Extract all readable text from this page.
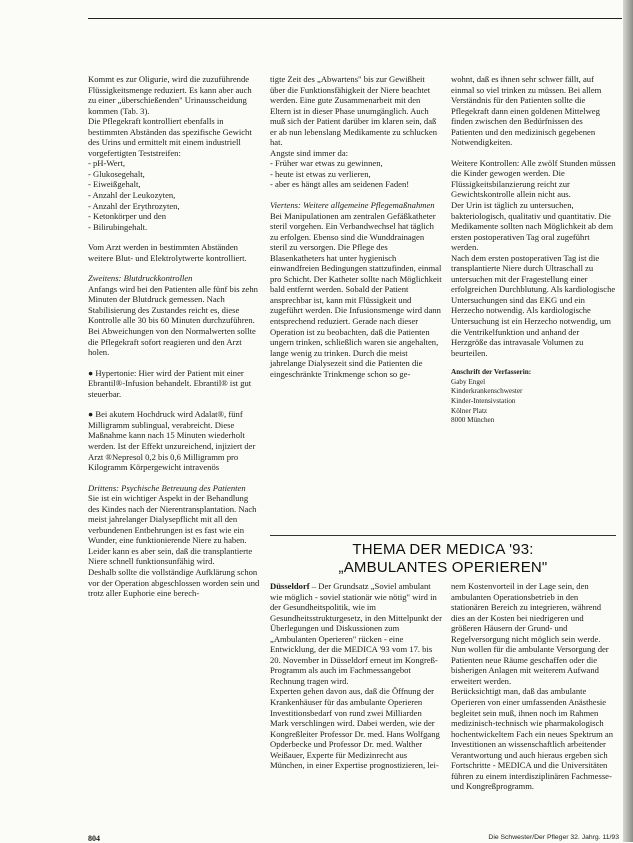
Kommt es zur Oligurie, wird die zuzuführende Flüssigkeitsmenge reduziert. Es kann aber auch zu einer „überschießenden" Urinausscheidung kommen (Tab. 3).

Die Pflegekraft kontrolliert ebenfalls in bestimmten Abständen das spezifische Gewicht des Urins und ermittelt mit einem industriell vorgefertigten Teststreifen:

- pH-Wert,

- Glukosegehalt,

- Eiweißgehalt,

- Anzahl der Leukozyten,

- Anzahl der Erythrozyten,

- Ketonkörper und den

- Bilirubingehalt.

Vom Arzt werden in bestimmten Abständen weitere Blut- und Elektrolytwerte kontrolliert.

Zweitens: Blutdruckkontrollen

Anfangs wird bei den Patienten alle fünf bis zehn Minuten der Blutdruck gemessen. Nach Stabilisierung des Zustandes reicht es, diese Kontrolle alle 30 bis 60 Minuten durchzuführen. Bei Abweichungen von den Normalwerten sollte die Pflegekraft sofort reagieren und den Arzt holen.

● Hypertonie: Hier wird der Patient mit einer Ebrantil®-Infusion behandelt. Ebrantil® ist gut steuerbar.

● Bei akutem Hochdruck wird Adalat®, fünf Milligramm sublingual, verabreicht. Diese Maßnahme kann nach 15 Minuten wiederholt werden. Ist der Effekt unzureichend, injiziert der Arzt ®Nepresol 0,2 bis 0,6 Milligramm pro Kilogramm Körpergewicht intravenös

Drittens: Psychische Betreuung des Patienten

Sie ist ein wichtiger Aspekt in der Behandlung des Kindes nach der Nierentransplantation. Nach meist jahrelanger Dialysepflicht mit all den verbundenen Entbehrungen ist es fast wie ein Wunder, eine funktionierende Niere zu haben. Leider kann es aber sein, daß die transplantierte Niere schnell funktionsunfähig wird.

Deshalb sollte die vollständige Aufklärung schon vor der Operation abgeschlossen worden sein und trotz aller Euphorie eine berech-

tigte Zeit des „Abwartens" bis zur Gewißheit über die Funktionsfähigkeit der Niere beachtet werden. Eine gute Zusammenarbeit mit den Eltern ist in dieser Phase unumgänglich. Auch muß sich der Patient darüber im klaren sein, daß er ab nun lebenslang Medikamente zu schlucken hat.

Angste sind immer da:

- Früher war etwas zu gewinnen,

- heute ist etwas zu verlieren,

- aber es hängt alles am seidenen Faden!

Viertens: Weitere allgemeine Pflegemaßnahmen

Bei Manipulationen am zentralen Gefäßkatheter steril vorgehen. Ein Verbandwechsel hat täglich zu erfolgen. Ebenso sind die Wunddrainagen steril zu versorgen. Die Pflege des Blasenkatheters hat unter hygienisch einwandfreien Bedingungen stattzufinden, einmal pro Schicht. Der Katheter sollte nach Möglichkeit bald entfernt werden. Sobald der Patient ansprechbar ist, kann mit Flüssigkeit und zugeführt werden. Die Infusionsmenge wird dann entsprechend reduziert. Gerade nach dieser Operation ist zu beobachten, daß die Patienten ungern trinken, schließlich waren sie angehalten, lange wenig zu trinken. Durch die meist jahrelange Dialysezeit sind die Patienten die eingeschränkte Trinkmenge schon so ge-

wohnt, daß es ihnen sehr schwer fällt, auf einmal so viel trinken zu müssen. Bei allem Verständnis für den Patienten sollte die Pflegekraft dann einen goldenen Mittelweg finden zwischen den Bedürfnissen des Patienten und den medizinisch gegebenen Notwendigkeiten.

Weitere Kontrollen: Alle zwölf Stunden müssen die Kinder gewogen werden. Die Flüssigkeitsbilanzierung reicht zur Gewichtskontrolle allein nicht aus.

Der Urin ist täglich zu untersuchen, bakteriologisch, qualitativ und quantitativ. Die Medikamente sollten nach Möglichkeit ab dem ersten postoperativen Tag oral zugeführt werden.

Nach dem ersten postoperativen Tag ist die transplantierte Niere durch Ultraschall zu untersuchen mit der Fragestellung einer erfolgreichen Durchblutung. Als kardiologische Untersuchungen sind das EKG und ein Herzecho notwendig. Als kardiologische Untersuchung ist ein Herzecho notwendig, um die Ventrikelfunktion und anhand der Herzgröße das intravasale Volumen zu beurteilen.

Anschrift der Verfasserin:

Gaby Engel

Kinderkrankenschwester

Kinder-Intensivstation

Kölner Platz

8000 München

THEMA DER MEDICA '93:
„AMBULANTES OPERIEREN"

Düsseldorf – Der Grundsatz „Soviel ambulant wie möglich - soviel stationär wie nötig" wird in der Gesundheitspolitik, wie im Gesundheitsstrukturgesetz, in den Mittelpunkt der Überlegungen und Diskussionen zum „Ambulanten Operieren" rücken - eine Entwicklung, der die MEDICA '93 vom 17. bis 20. November in Düsseldorf erneut im Kongreß-Programm als auch im Fachmessangebot Rechnung tragen wird.

Experten gehen davon aus, daß die Öffnung der Krankenhäuser für das ambulante Operieren Investitionsbedarf von rund zwei Milliarden Mark verschlingen wird. Dabei werden, wie der Kongreßleiter Professor Dr. med. Hans Wolfgang Opderbecke und Professor Dr. med. Walther Weißauer, Experte für Medizinrecht aus München, in einer Expertise prognostizieren, lei-

nem Kostenvorteil in der Lage sein, den ambulanten Operationsbetrieb in den stationären Bereich zu integrieren, während dies an der Kosten bei niedrigeren und größeren Häusern der Grund- und Regelversorgung nicht möglich sein werde. Nun wollen für die ambulante Versorgung der Patienten neue Räume geschaffen oder die bisherigen Anlagen mit weiterem Aufwand erweitert werden.

Berücksichtigt man, daß das ambulante Operieren von einer umfassenden Anästhesie begleitet sein muß, ihnen noch im Rahmen medizinisch-technisch wie pharmakologisch hochentwickeltem Fach ein neues Spektrum an Investitionen an wissenschaftlich arbeitender Verantwortung und auch hieraus ergeben sich Fortschritte - MEDICA und die Universitäten führen zu einem interdisziplinären Fachmesse- und Kongreßprogramm.

804	Die Schwester/Der Pfleger 32. Jahrg. 11/93
